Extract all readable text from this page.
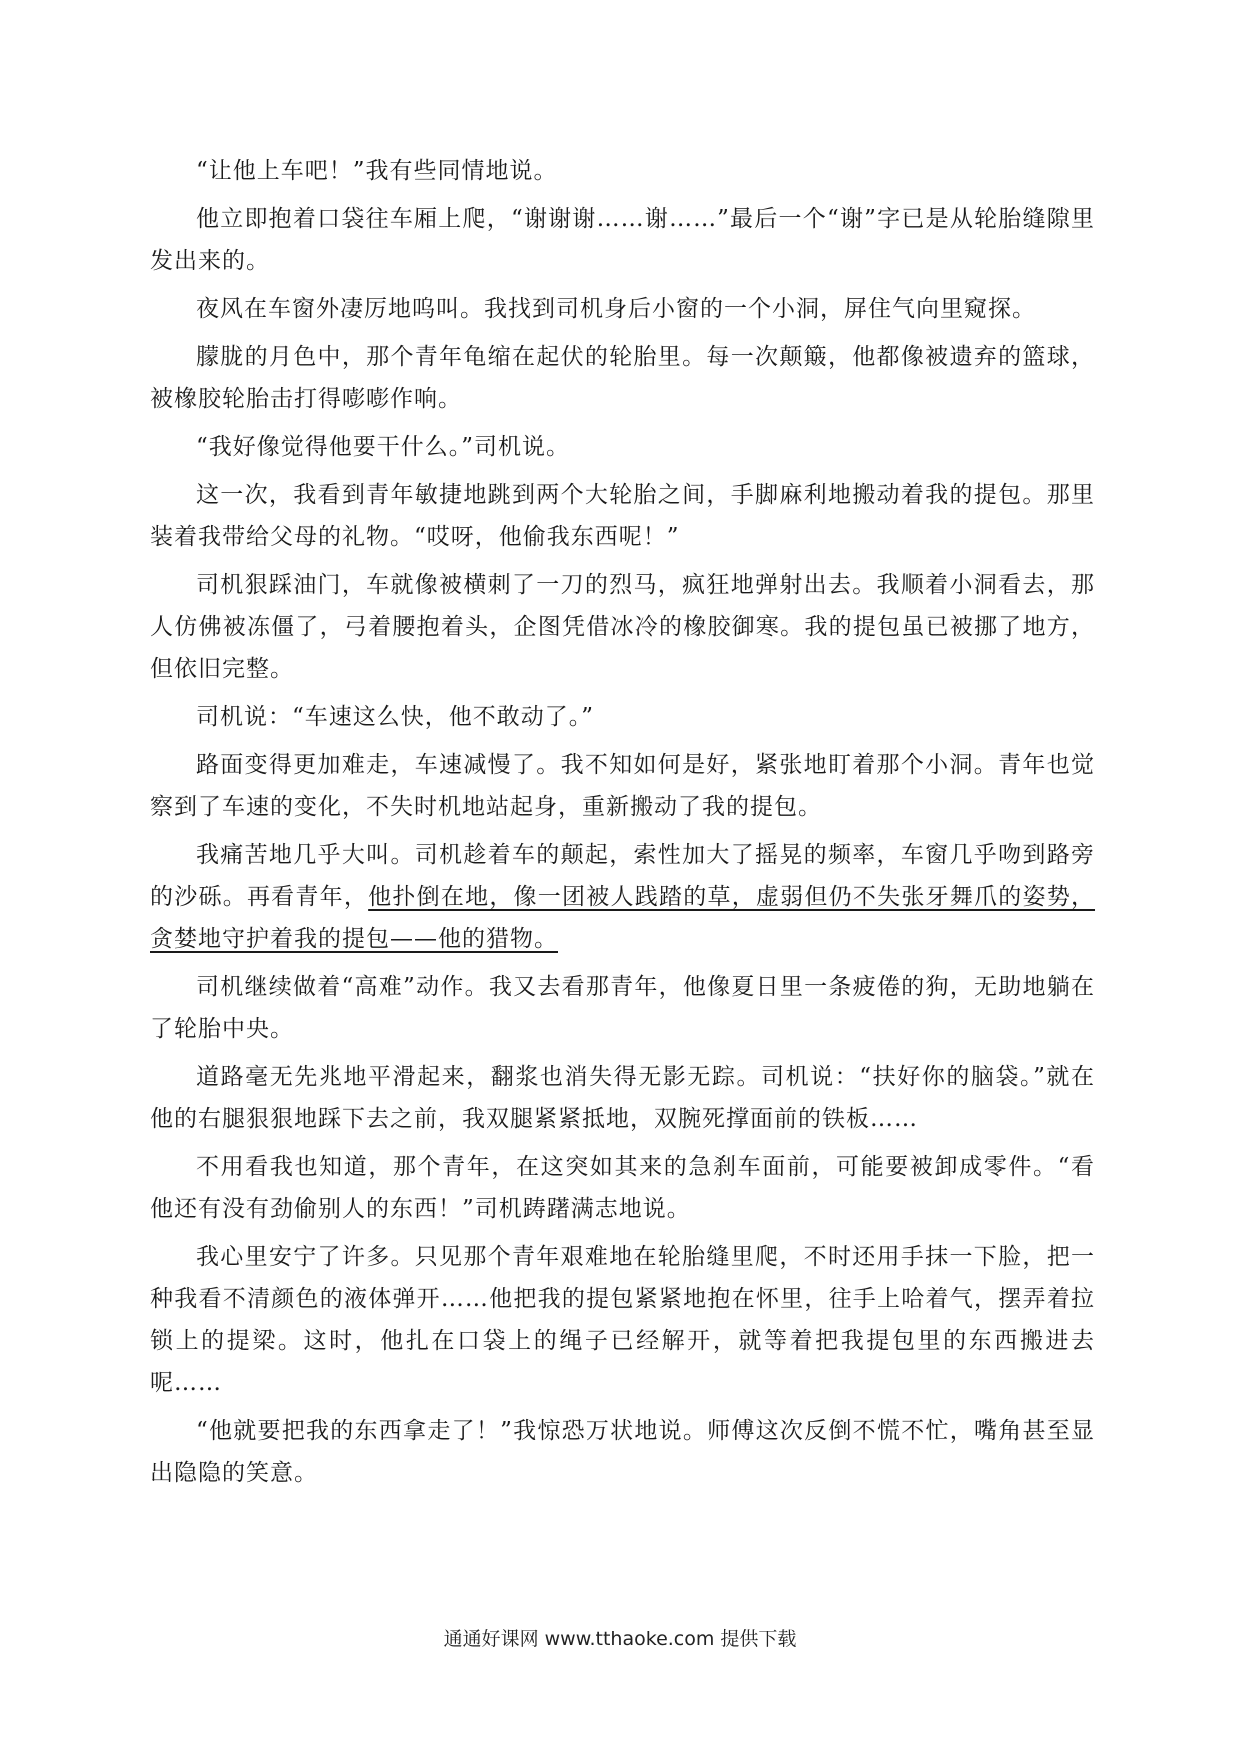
“让他上车吧！”我有些同情地说。

他立即抱着口袋往车厢上爬，“谢谢谢……谢……”最后一个“谢”字已是从轮胎缝隙里发出来的。

夜风在车窗外凄厉地呜叫。我找到司机身后小窗的一个小洞，屏住气向里窥探。

朦胧的月色中，那个青年龟缩在起伏的轮胎里。每一次颠簸，他都像被遗弃的篮球，被橡胶轮胎击打得嘭嘭作响。

“我好像觉得他要干什么。”司机说。

这一次，我看到青年敏捷地跳到两个大轮胎之间，手脚麻利地搬动着我的提包。那里装着我带给父母的礼物。“哎呀，他偷我东西呢！”

司机狠踩油门，车就像被横刺了一刀的烈马，疯狂地弹射出去。我顺着小洞看去，那人仿佛被冻僵了，弓着腰抱着头，企图凭借冰冷的橡胶御寒。我的提包虽已被挪了地方，但依旧完整。

司机说：“车速这么快，他不敢动了。”

路面变得更加难走，车速减慢了。我不知如何是好，紧张地盯着那个小洞。青年也觉察到了车速的变化，不失时机地站起身，重新搬动了我的提包。

我痛苦地几乎大叫。司机趁着车的颠起，索性加大了摇晃的频率，车窗几乎吻到路旁的沙砾。再看青年，他扑倒在地，像一团被人践踏的草，虚弱但仍不失张牙舞爪的姿势，贪婪地守护着我的提包——他的猎物。

司机继续做着“高难”动作。我又去看那青年，他像夏日里一条疲倦的狗，无助地躺在了轮胎中央。

道路毫无先兆地平滑起来，翻浆也消失得无影无踪。司机说：“扶好你的脑袋。”就在他的右腿狠狠地踩下去之前，我双腿紧紧抵地，双腕死撑面前的铁板……

不用看我也知道，那个青年，在这突如其来的急刹车面前，可能要被卸成零件。“看他还有没有劲偷别人的东西！”司机踌躇满志地说。

我心里安宁了许多。只见那个青年艰难地在轮胎缝里爬，不时还用手抹一下脸，把一种我看不清颜色的液体弹开……他把我的提包紧紧地抱在怀里，往手上哈着气，摆弄着拉锁上的提梁。这时，他扎在口袋上的绳子已经解开，就等着把我提包里的东西搬进去呢……

“他就要把我的东西拿走了！”我惊恐万状地说。师傅这次反倒不慌不忙，嘴角甚至显出隐隐的笑意。

通通好课网 www.tthaoke.com 提供下载
